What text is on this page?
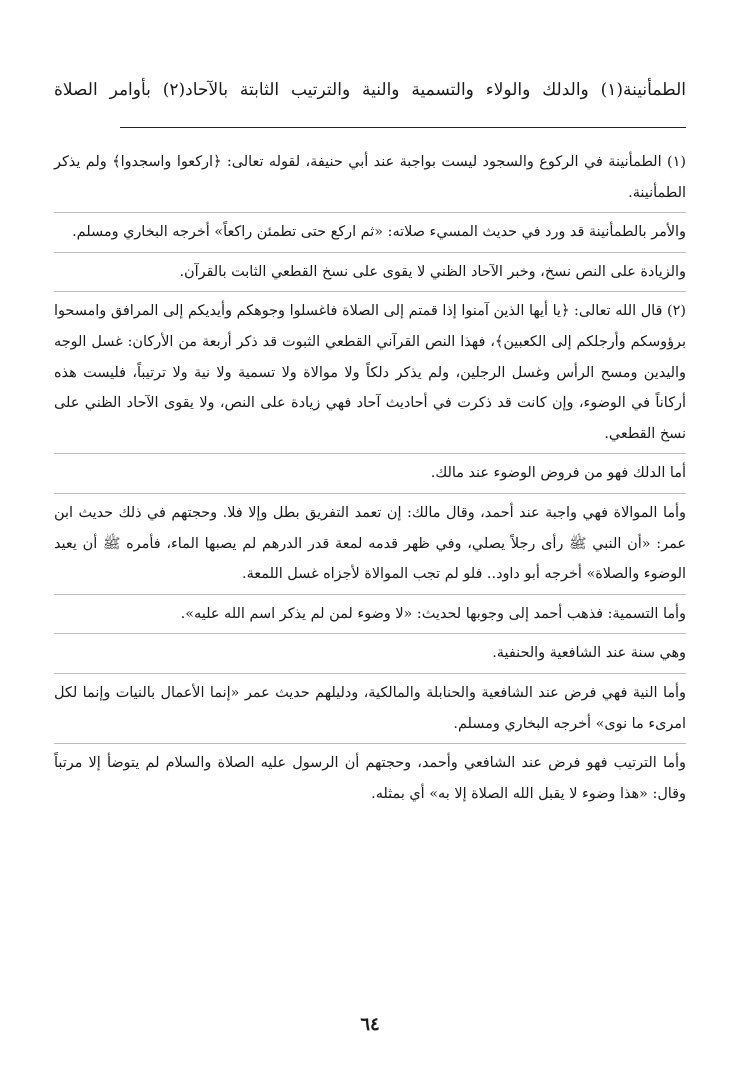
الطمأنينة(١) والدلك والولاء والتسمية والنية والترتيب الثابتة بالآحاد(٢) بأوامر الصلاة

(١) الطمأنينة في الركوع والسجود ليست بواجبة عند أبي حنيفة، لقوله تعالى: ﴿اركعوا واسجدوا﴾ ولم يذكر الطمأنينة.

والأمر بالطمأنينة قد ورد في حديث المسيء صلاته: «ثم اركع حتى تطمئن راكعاً» أخرجه البخاري ومسلم.

والزيادة على النص نسخ، وخبر الآحاد الظني لا يقوى على نسخ القطعي الثابت بالقرآن.

(٢) قال الله تعالى: ﴿يا أيها الذين آمنوا إذا قمتم إلى الصلاة فاغسلوا وجوهكم وأيديكم إلى المرافق وامسحوا برؤوسكم وأرجلكم إلى الكعبين﴾، فهذا النص القرآني القطعي الثبوت قد ذكر أربعة من الأركان: غسل الوجه واليدين ومسح الرأس وغسل الرجلين، ولم يذكر دلكاً ولا موالاة ولا تسمية ولا نية ولا ترتيباً، فليست هذه أركاناً في الوضوء، وإن كانت قد ذكرت في أحاديث آحاد فهي زيادة على النص، ولا يقوى الآحاد الظني على نسخ القطعي.

أما الدلك فهو من فروض الوضوء عند مالك.

وأما الموالاة فهي واجبة عند أحمد، وقال مالك: إن تعمد التفريق بطل وإلا فلا. وحجتهم في ذلك حديث ابن عمر: «أن النبي ﷺ رأى رجلاً يصلي، وفي ظهر قدمه لمعة قدر الدرهم لم يصبها الماء، فأمره ﷺ أن يعيد الوضوء والصلاة» أخرجه أبو داود.. فلو لم تجب الموالاة لأجزاه غسل اللمعة.

وأما التسمية: فذهب أحمد إلى وجوبها لحديث: «لا وضوء لمن لم يذكر اسم الله عليه».

وهي سنة عند الشافعية والحنفية.

وأما النية فهي فرض عند الشافعية والحنابلة والمالكية، ودليلهم حديث عمر «إنما الأعمال بالنيات وإنما لكل امرىء ما نوى» أخرجه البخاري ومسلم.

وأما الترتيب فهو فرض عند الشافعي وأحمد، وحجتهم أن الرسول عليه الصلاة والسلام لم يتوضأ إلا مرتباً وقال: «هذا وضوء لا يقبل الله الصلاة إلا به» أي بمثله.

٦٤
